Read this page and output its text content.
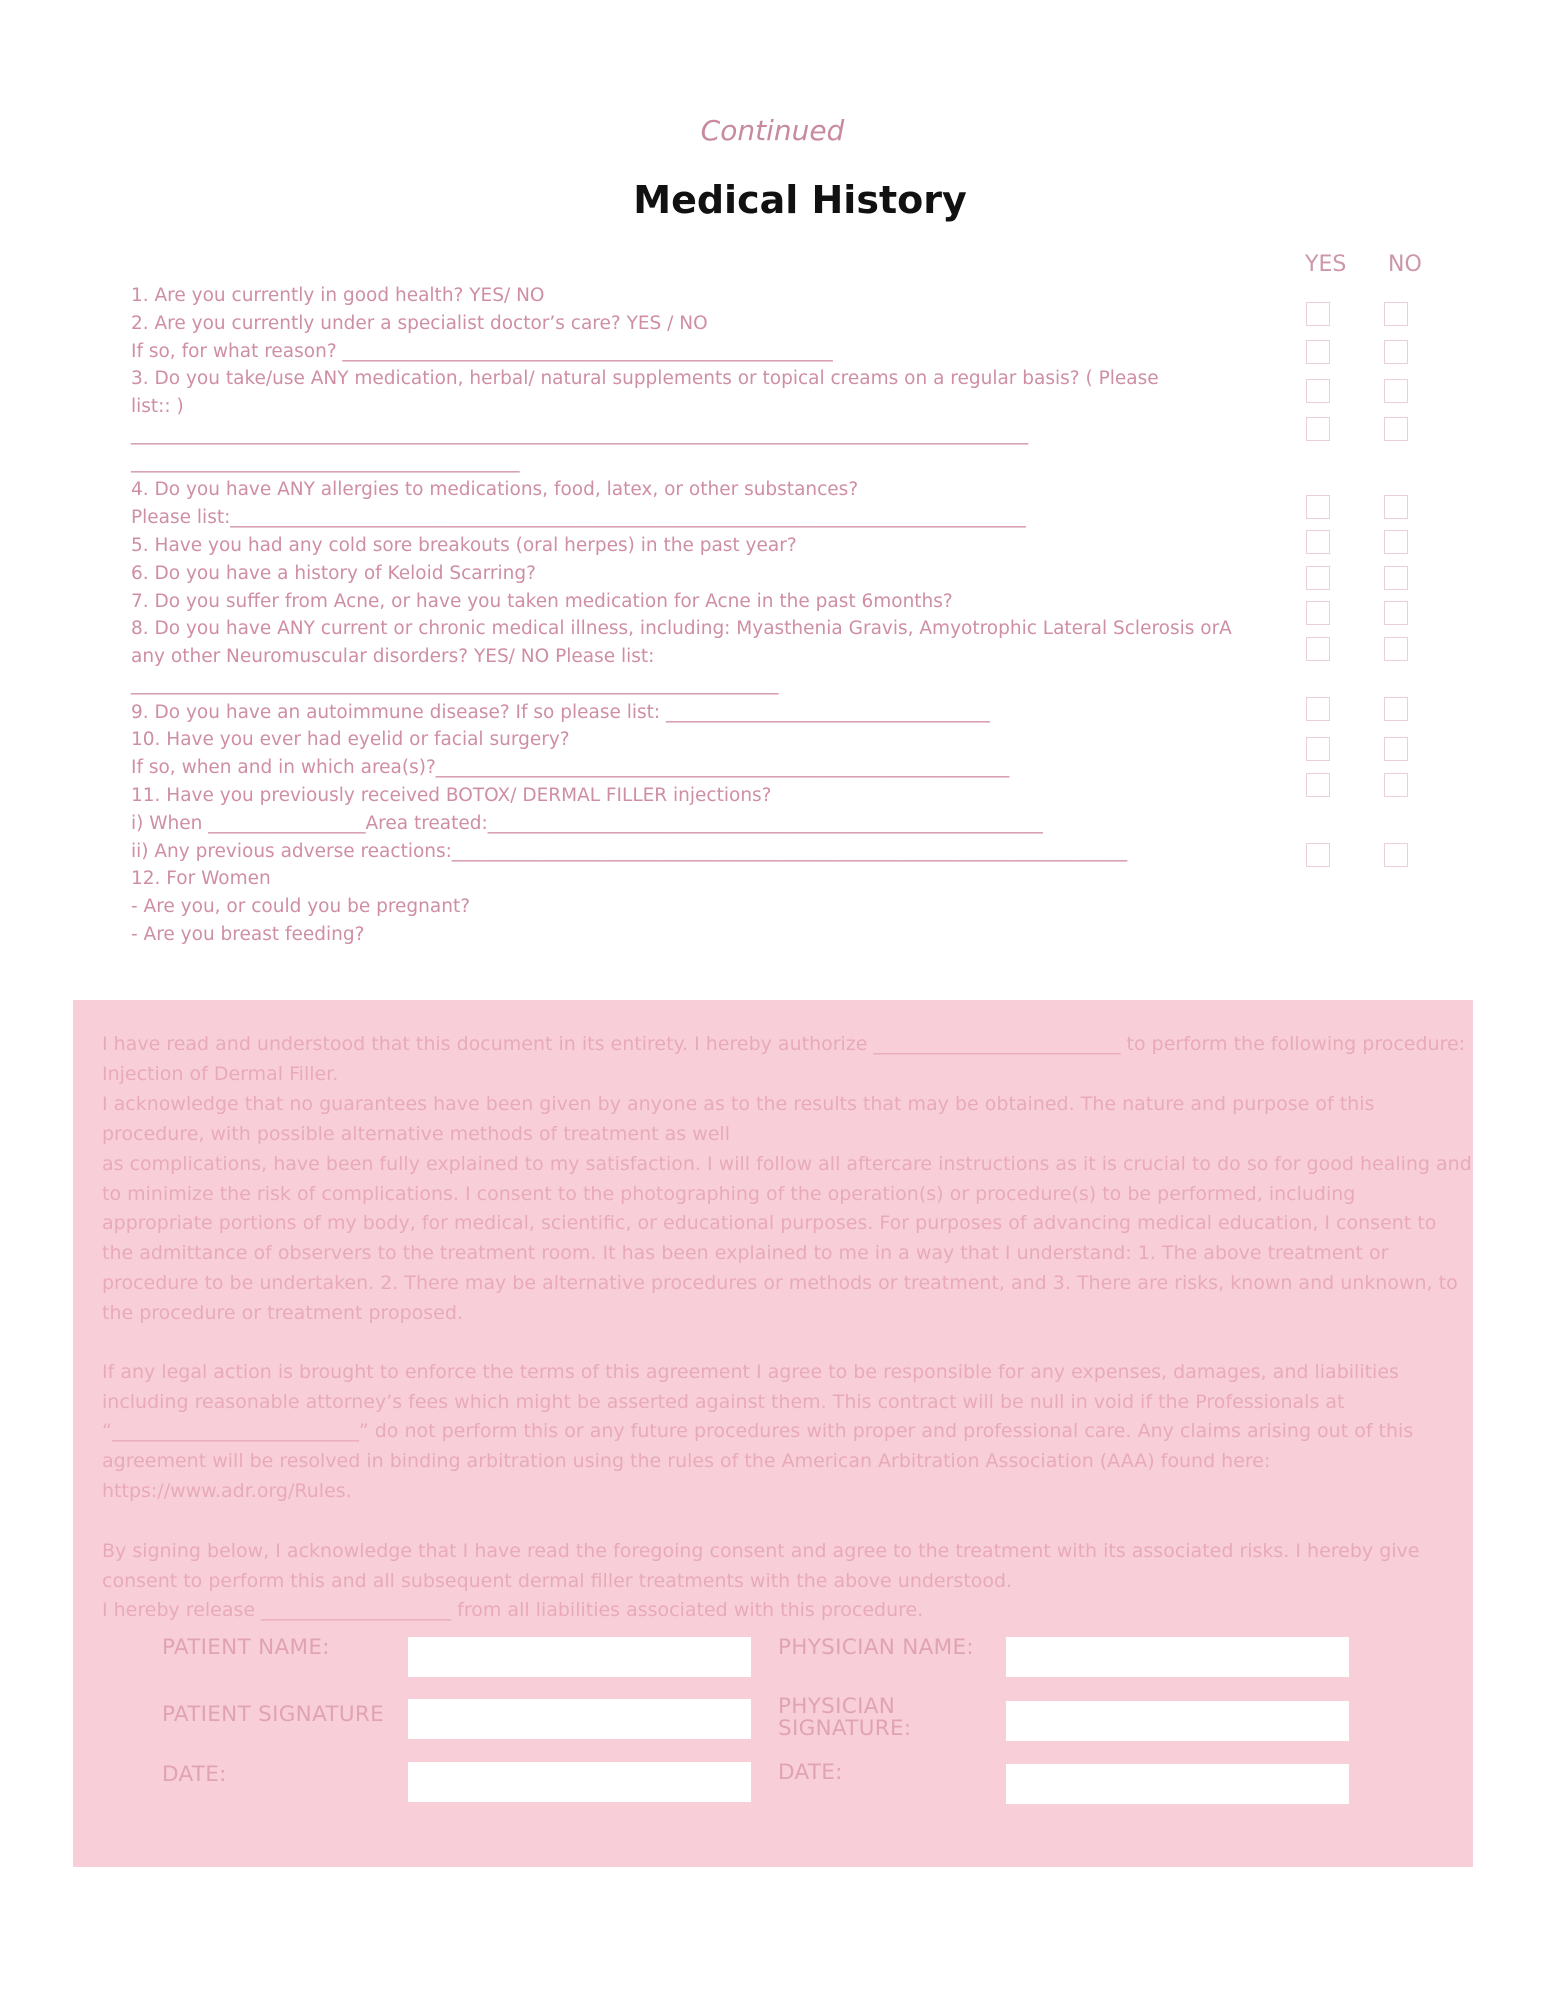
Continued
Medical History
YES NO
1. Are you currently in good health? YES/ NO
2. Are you currently under a specialist doctor’s care? YES / NO
If so, for what reason? _____________________________________________________
3. Do you take/use ANY medication, herbal/ natural supplements or topical creams on a regular basis? ( Please
list:: )
_________________________________________________________________________________________________
__________________________________________
4. Do you have ANY allergies to medications, food, latex, or other substances?
Please list:______________________________________________________________________________________
5. Have you had any cold sore breakouts (oral herpes) in the past year?
6. Do you have a history of Keloid Scarring?
7. Do you suffer from Acne, or have you taken medication for Acne in the past 6months?
8. Do you have ANY current or chronic medical illness, including: Myasthenia Gravis, Amyotrophic Lateral Sclerosis orA
any other Neuromuscular disorders? YES/ NO Please list:
______________________________________________________________________
9. Do you have an autoimmune disease? If so please list: ___________________________________
10. Have you ever had eyelid or facial surgery?
If so, when and in which area(s)?______________________________________________________________
11. Have you previously received BOTOX/ DERMAL FILLER injections?
i) When _________________Area treated:____________________________________________________________
ii) Any previous adverse reactions:_________________________________________________________________________
12. For Women
- Are you, or could you be pregnant?
- Are you breast feeding?

I have read and understood that this document in its entirety. I hereby authorize __________________________ to perform the following procedure: Injection of Dermal Filler.

I acknowledge that no guarantees have been given by anyone as to the results that may be obtained. The nature and purpose of this procedure, with possible alternative methods of treatment as well

as complications, have been fully explained to my satisfaction. I will follow all aftercare instructions as it is crucial to do so for good healing and to minimize the risk of complications. I consent to the photographing of the operation(s) or procedure(s) to be performed, including appropriate portions of my body, for medical, scientific, or educational purposes. For purposes of advancing medical education, I consent to the admittance of observers to the treatment room. It has been explained to me in a way that I understand: 1. The above treatment or procedure to be undertaken. 2. There may be alternative procedures or methods or treatment, and 3. There are risks, known and unknown, to the procedure or treatment proposed.

If any legal action is brought to enforce the terms of this agreement I agree to be responsible for any expenses, damages, and liabilities including reasonable attorney’s fees which might be asserted against them. This contract will be null in void if the Professionals at “__________________________” do not perform this or any future procedures with proper and professional care. Any claims arising out of this agreement will be resolved in binding arbitration using the rules of the American Arbitration Association (AAA) found here: https://www.adr.org/Rules.

By signing below, I acknowledge that I have read the foregoing consent and agree to the treatment with its associated risks. I hereby give consent to perform this and all subsequent dermal filler treatments with the above understood.

I hereby release ____________________ from all liabilities associated with this procedure.

PATIENT NAME:
PATIENT SIGNATURE
DATE:
PHYSICIAN NAME:
PHYSICIAN
SIGNATURE:
DATE:
